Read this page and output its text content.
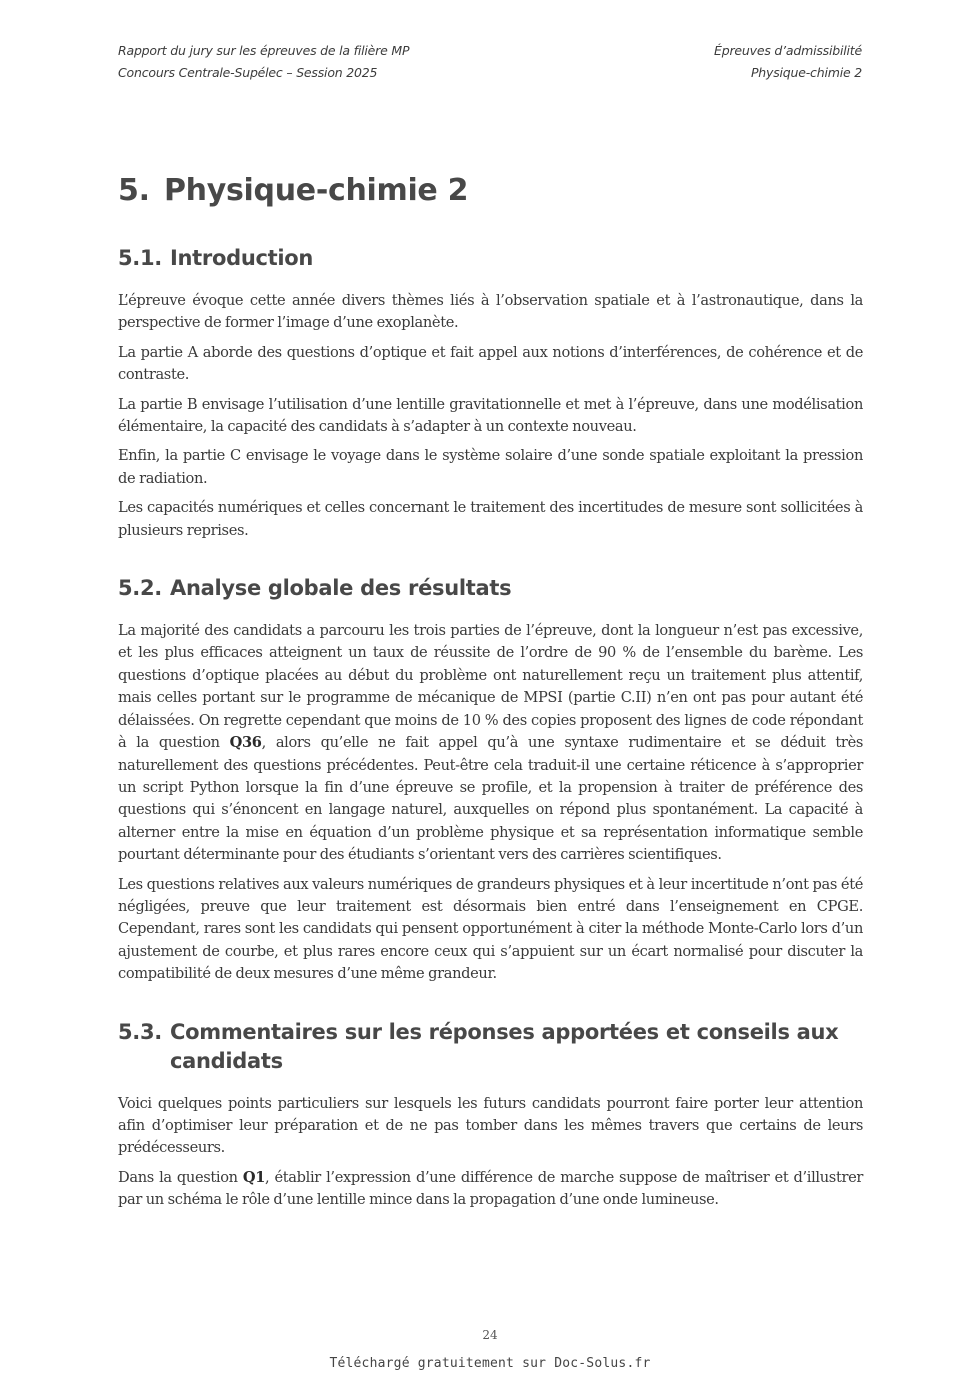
Rapport du jury sur les épreuves de la filière MP
Concours Centrale-Supélec – Session 2025
Épreuves d’admissibilité
Physique-chimie 2
5. Physique-chimie 2
5.1. Introduction

L’épreuve évoque cette année divers thèmes liés à l’observation spatiale et à l’astronautique, dans la perspective de former l’image d’une exoplanète.

La partie A aborde des questions d’optique et fait appel aux notions d’interférences, de cohérence et de contraste.

La partie B envisage l’utilisation d’une lentille gravitationnelle et met à l’épreuve, dans une modélisation élémentaire, la capacité des candidats à s’adapter à un contexte nouveau.

Enfin, la partie C envisage le voyage dans le système solaire d’une sonde spatiale exploitant la pression de radiation.

Les capacités numériques et celles concernant le traitement des incertitudes de mesure sont sollicitées à plusieurs reprises.

5.2. Analyse globale des résultats

La majorité des candidats a parcouru les trois parties de l’épreuve, dont la longueur n’est pas excessive, et les plus efficaces atteignent un taux de réussite de l’ordre de 90 % de l’ensemble du barème. Les questions d’optique placées au début du problème ont naturellement reçu un traitement plus attentif, mais celles portant sur le programme de mécanique de MPSI (partie C.II) n’en ont pas pour autant été délaissées. On regrette cependant que moins de 10 % des copies proposent des lignes de code répondant à la question Q36, alors qu’elle ne fait appel qu’à une syntaxe rudimentaire et se déduit très naturellement des questions précédentes. Peut-être cela traduit-il une certaine réticence à s’approprier un script Python lorsque la fin d’une épreuve se profile, et la propension à traiter de préférence des questions qui s’énoncent en langage naturel, auxquelles on répond plus spontanément. La capacité à alterner entre la mise en équation d’un problème physique et sa représentation informatique semble pourtant déterminante pour des étudiants s’orientant vers des carrières scientifiques.

Les questions relatives aux valeurs numériques de grandeurs physiques et à leur incertitude n’ont pas été négligées, preuve que leur traitement est désormais bien entré dans l’enseignement en CPGE. Cependant, rares sont les candidats qui pensent opportunément à citer la méthode Monte-Carlo lors d’un ajustement de courbe, et plus rares encore ceux qui s’appuient sur un écart normalisé pour discuter la compatibilité de deux mesures d’une même grandeur.

5.3. Commentaires sur les réponses apportées et conseils aux candidats

Voici quelques points particuliers sur lesquels les futurs candidats pourront faire porter leur attention afin d’optimiser leur préparation et de ne pas tomber dans les mêmes travers que certains de leurs prédécesseurs.

Dans la question Q1, établir l’expression d’une différence de marche suppose de maîtriser et d’illustrer par un schéma le rôle d’une lentille mince dans la propagation d’une onde lumineuse.

24
Téléchargé gratuitement sur Doc-Solus.fr
